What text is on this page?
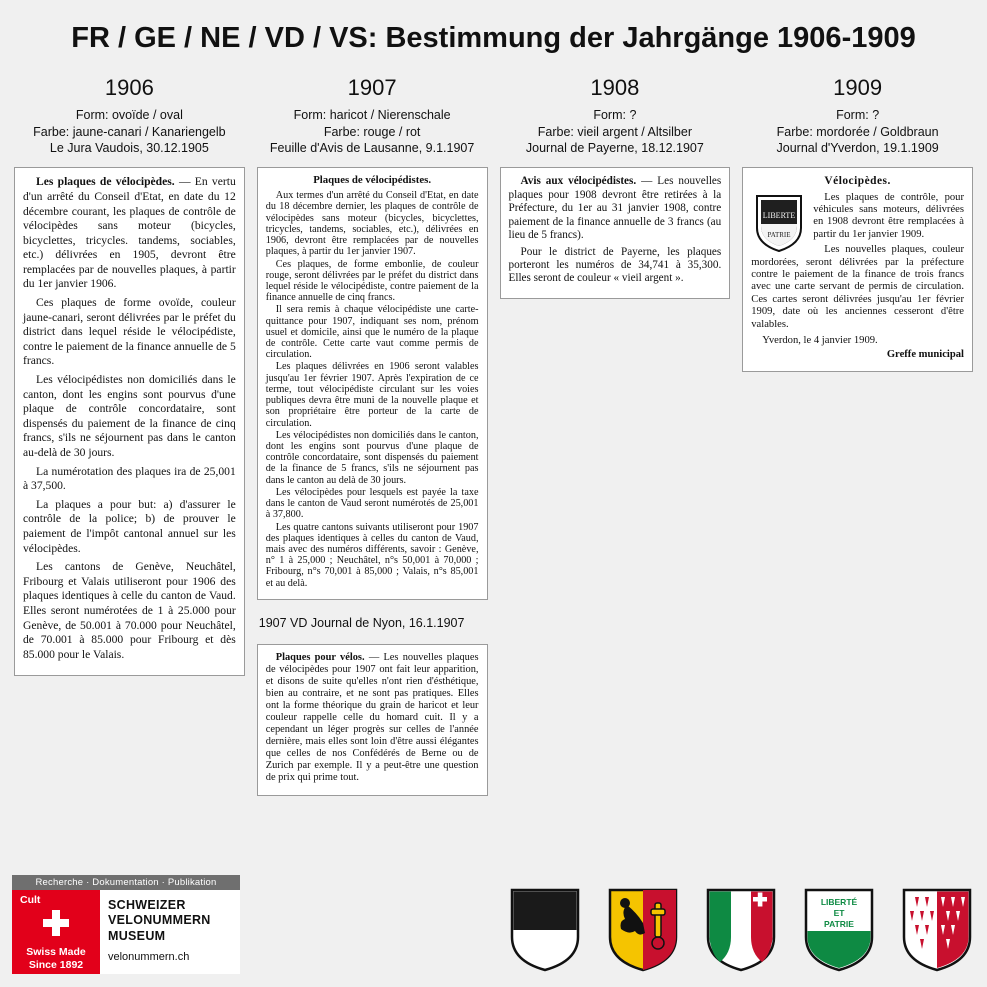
FR / GE / NE / VD / VS: Bestimmung der Jahrgänge 1906-1909
1906
Form: ovoïde / oval
Farbe: jaune-canari / Kanariengelb
Le Jura Vaudois, 30.12.1905

Les plaques de vélocipèdes. — En vertu d'un arrêté du Conseil d'Etat, en date du 12 décembre courant, les plaques de contrôle de vélocipèdes sans moteur (bicycles, bicyclettes, tricycles. tandems, sociables, etc.) délivrées en 1905, devront être remplacées par de nouvelles plaques, à partir du 1er janvier 1906.

Ces plaques de forme ovoïde, couleur jaune-canari, seront délivrées par le préfet du district dans lequel réside le vélocipédiste, contre le paiement de la finance annuelle de 5 francs.

Les vélocipédistes non domiciliés dans le canton, dont les engins sont pourvus d'une plaque de contrôle concordataire, sont dispensés du paiement de la finance de cinq francs, s'ils ne séjournent pas dans le canton au-delà de 30 jours.

La numérotation des plaques ira de 25,001 à 37,500.

La plaques a pour but: a) d'assurer le contrôle de la police; b) de prouver le paiement de l'impôt cantonal annuel sur les vélocipèdes.

Les cantons de Genève, Neuchâtel, Fribourg et Valais utiliseront pour 1906 des plaques identiques à celle du canton de Vaud. Elles seront numérotées de 1 à 25.000 pour Genève, de 50.001 à 70.000 pour Neuchâtel, de 70.001 à 85.000 pour Fribourg et dès 85.000 pour le Valais.

1907
Form: haricot / Nierenschale
Farbe: rouge / rot
Feuille d'Avis de Lausanne, 9.1.1907
Plaques de vélocipédistes.

Aux termes d'un arrêté du Conseil d'Etat, en date du 18 décembre dernier, les plaques de contrôle de vélocipèdes sans moteur (bicycles, bicyclettes, tricycles, tandems, sociables, etc.), délivrées en 1906, devront être remplacées par de nouvelles plaques, à partir du 1er janvier 1907.

Ces plaques, de forme embonlie, de couleur rouge, seront délivrées par le préfet du district dans lequel réside le vélocipédiste, contre paiement de la finance annuelle de cinq francs.

Il sera remis à chaque vélocipédiste une carte-quittance pour 1907, indiquant ses nom, prénom usuel et domicile, ainsi que le numéro de la plaque de contrôle. Cette carte vaut comme permis de circulation.

Les plaques délivrées en 1906 seront valables jusqu'au 1er février 1907. Après l'expiration de ce terme, tout vélocipédiste circulant sur les voies publiques devra être muni de la nouvelle plaque et son propriétaire être porteur de la carte de circulation.

Les vélocipédistes non domiciliés dans le canton, dont les engins sont pourvus d'une plaque de contrôle concordataire, sont dispensés du paiement de la finance de 5 francs, s'ils ne séjournent pas dans le canton au delà de 30 jours.

Les vélocipèdes pour lesquels est payée la taxe dans le canton de Vaud seront numérotés de 25,001 à 37,800.

Les quatre cantons suivants utiliseront pour 1907 des plaques identiques à celles du canton de Vaud, mais avec des numéros différents, savoir : Genève, n° 1 à 25,000 ; Neuchâtel, n°s 50,001 à 70,000 ; Fribourg, n°s 70,001 à 85,000 ; Valais, n°s 85,001 et au delà.

1907 VD Journal de Nyon, 16.1.1907

Plaques pour vélos. — Les nouvelles plaques de vélocipèdes pour 1907 ont fait leur apparition, et disons de suite qu'elles n'ont rien d'ésthétique, bien au contraire, et ne sont pas pratiques. Elles ont la forme théorique du grain de haricot et leur couleur rappelle celle du homard cuit. Il y a cependant un léger progrès sur celles de l'année dernière, mais elles sont loin d'être aussi élégantes que celles de nos Confédérés de Berne ou de Zurich par exemple. Il y a peut-être une question de prix qui prime tout.

1908
Form: ?
Farbe: vieil argent / Altsilber
Journal de Payerne, 18.12.1907

Avis aux vélocipédistes. — Les nouvelles plaques pour 1908 devront être retirées à la Préfecture, du 1er au 31 janvier 1908, contre paiement de la finance annuelle de 3 francs (au lieu de 5 francs).

Pour le district de Payerne, les plaques porteront les numéros de 34,741 à 35,300. Elles seront de couleur « vieil argent ».

1909
Form: ?
Farbe: mordorée / Goldbraun
Journal d'Yverdon, 19.1.1909
Vélocipèdes.
LIBERTE
PATRIE

Les plaques de contrôle, pour véhicules sans moteurs, délivrées en 1908 devront être remplacées à partir du 1er janvier 1909.

Les nouvelles plaques, couleur mordorées, seront délivrées par la préfecture contre le paiement de la finance de trois francs avec une carte servant de permis de circulation. Ces cartes seront délivrées jusqu'au 1er février 1909, date où les anciennes cesseront d'être valables.

Yverdon, le 4 janvier 1909.
Greffe municipal
Recherche · Dokumentation · Publikation
Cult
Swiss Made
Since 1892
SCHWEIZER
VELONUMMERN
MUSEUM
velonummern.ch
LIBERTÉ
ET
PATRIE
